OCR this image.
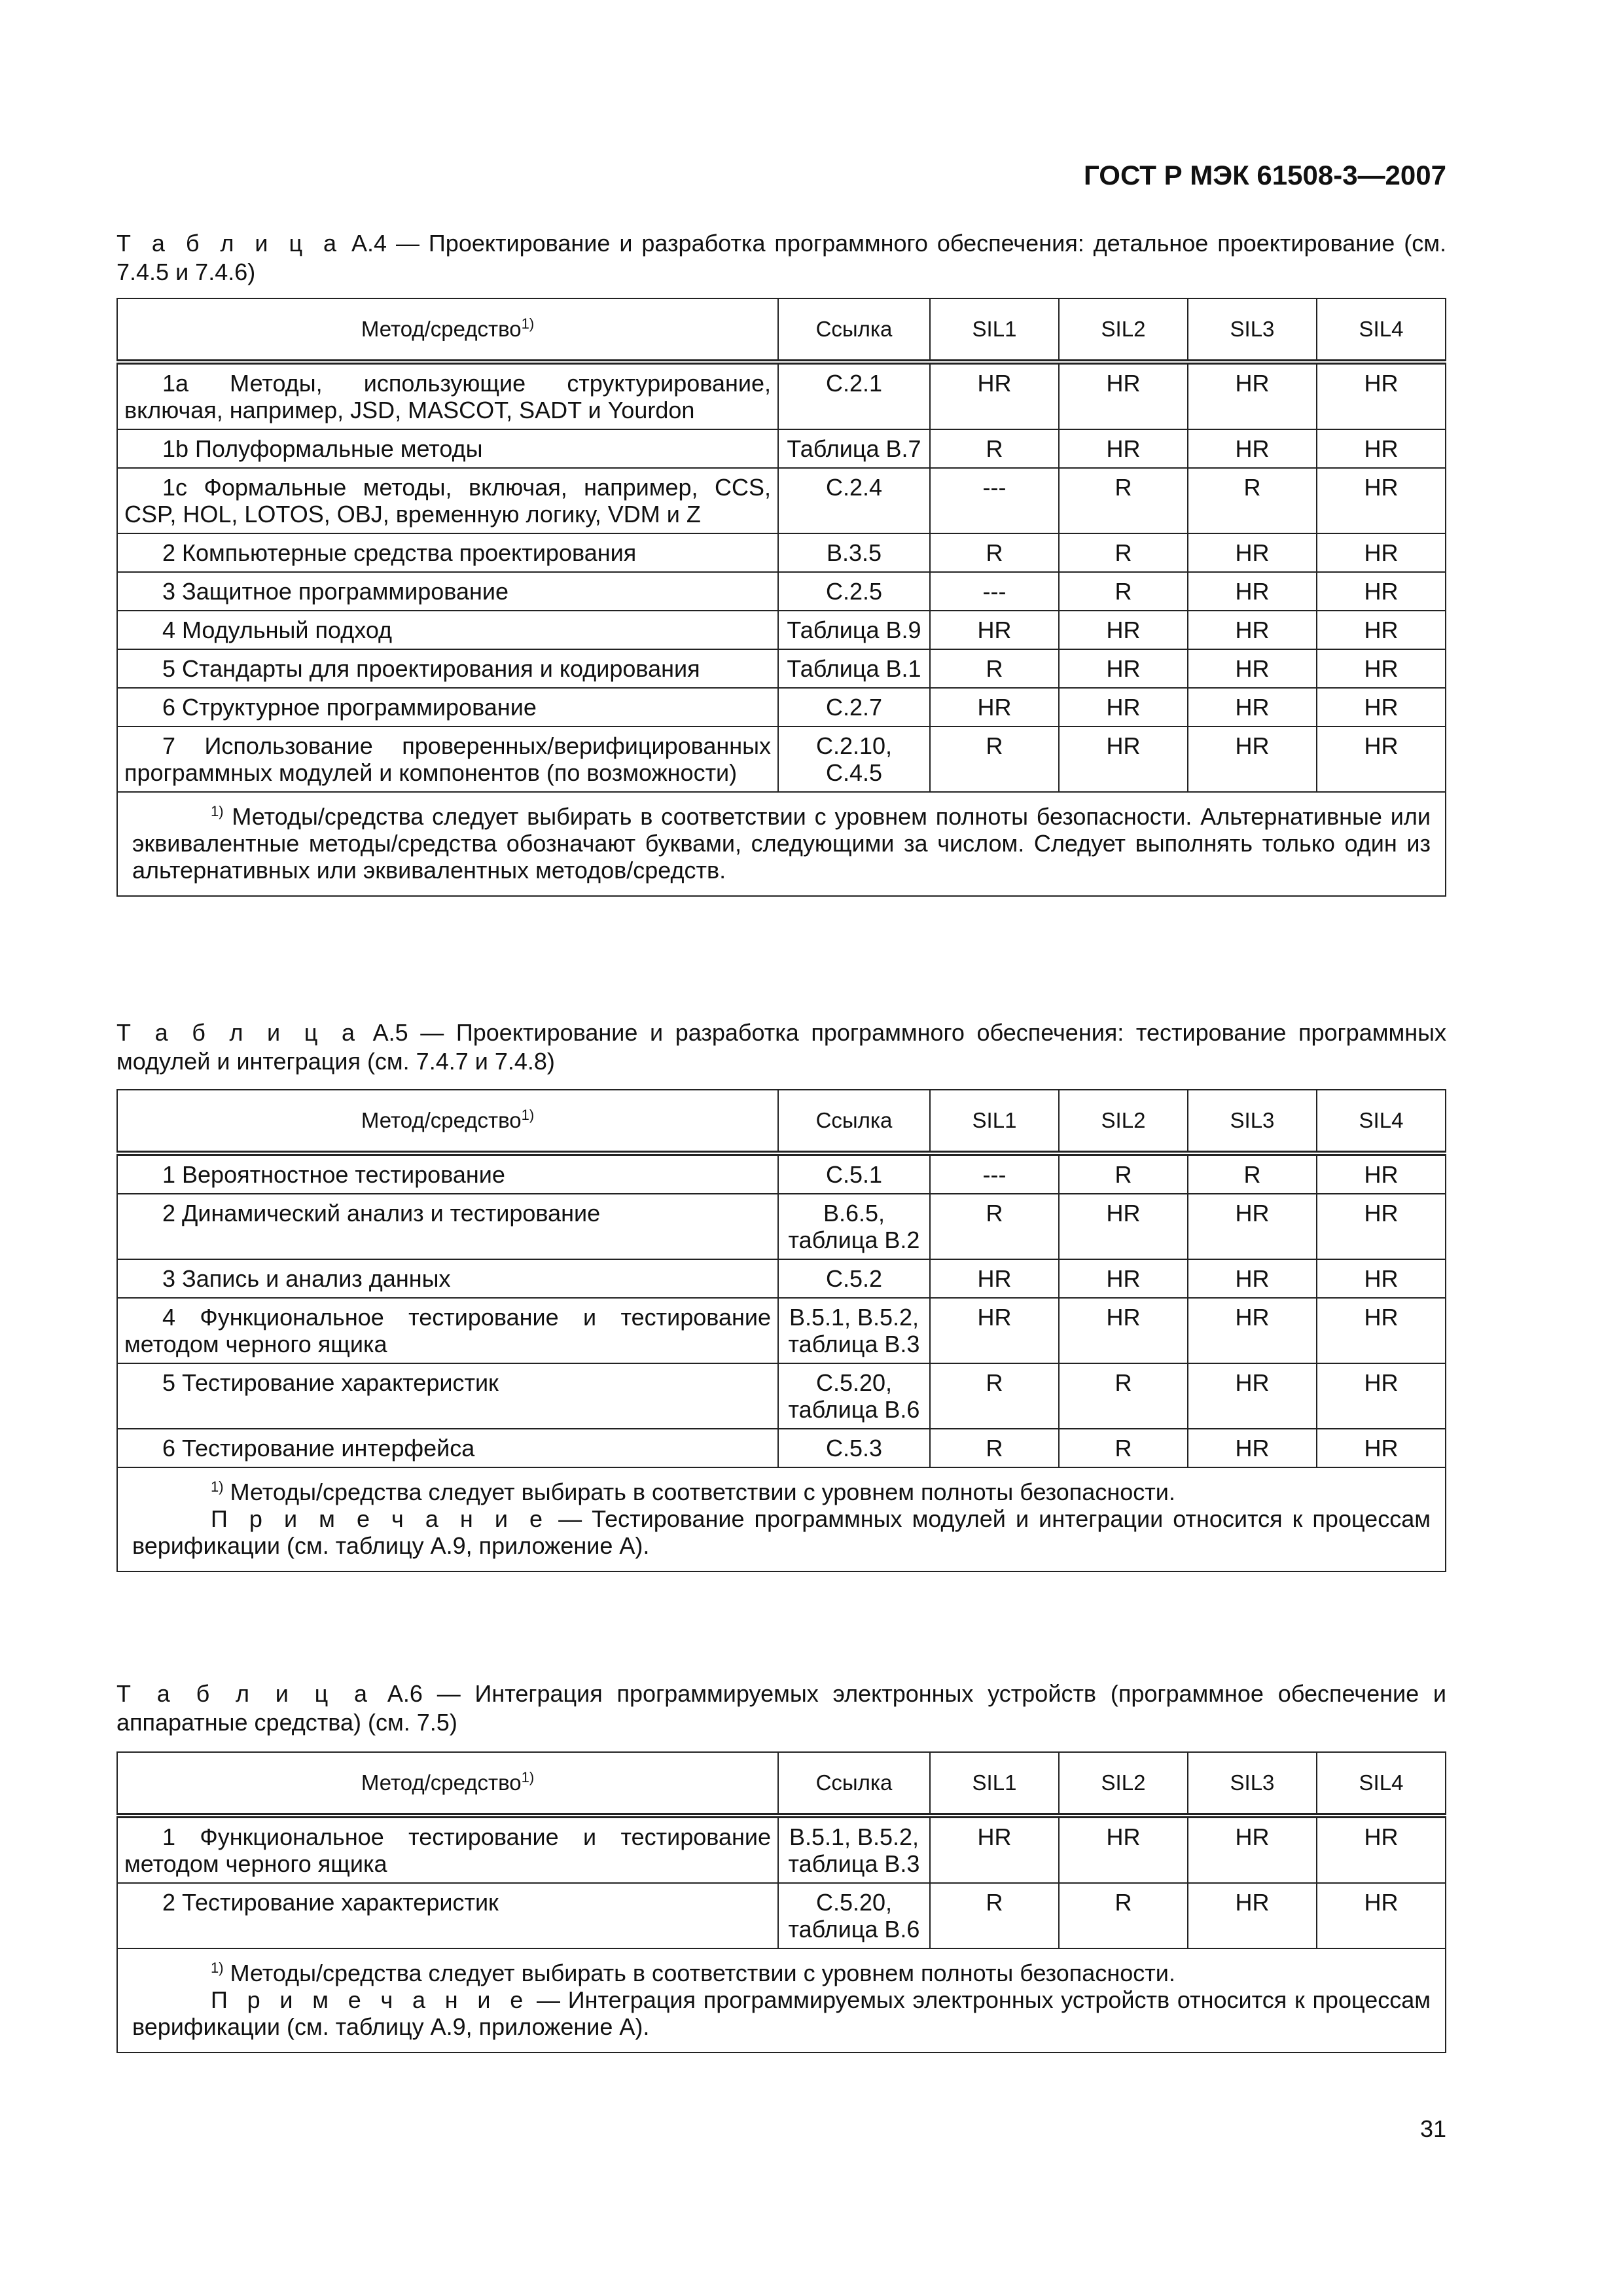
ГОСТ Р МЭК 61508-3—2007
Т а б л и ц а А.4 — Проектирование и разработка программного обеспечения: детальное проектирование (см. 7.4.5 и 7.4.6)
Метод/средство$^{1)}$	Ссылка	SIL1	SIL2	SIL3	SIL4
1a Методы, использующие структурирование, включая, например, JSD, MASCOT, SADT и Yourdon	С.2.1	HR	HR	HR	HR
1b Полуформальные методы	Таблица В.7	R	HR	HR	HR
1c Формальные методы, включая, например, CCS, CSP, HOL, LOTOS, OBJ, временную логику, VDM и Z	С.2.4	---	R	R	HR
2 Компьютерные средства проектирования	В.3.5	R	R	HR	HR
3 Защитное программирование	С.2.5	---	R	HR	HR
4 Модульный подход	Таблица В.9	HR	HR	HR	HR
5 Стандарты для проектирования и кодирования	Таблица В.1	R	HR	HR	HR
6 Структурное программирование	С.2.7	HR	HR	HR	HR
7 Использование проверенных/верифицированных программных модулей и компонентов (по возможности)	С.2.10, С.4.5	R	HR	HR	HR

$^{1)}$ Методы/средства следует выбирать в соответствии с уровнем полноты безопасности. Альтернативные или эквивалентные методы/средства обозначают буквами, следующими за числом. Следует выполнять только один из альтернативных или эквивалентных методов/средств.					

Т а б л и ц а А.5 — Проектирование и разработка программного обеспечения: тестирование программных модулей и интеграция (см. 7.4.7 и 7.4.8)
Метод/средство$^{1)}$	Ссылка	SIL1	SIL2	SIL3	SIL4
1 Вероятностное тестирование	С.5.1	---	R	R	HR
2 Динамический анализ и тестирование	В.6.5, таблица В.2	R	HR	HR	HR
3 Запись и анализ данных	С.5.2	HR	HR	HR	HR
4 Функциональное тестирование и тестирование методом черного ящика	В.5.1, В.5.2, таблица В.3	HR	HR	HR	HR
5 Тестирование характеристик	С.5.20, таблица В.6	R	R	HR	HR
6 Тестирование интерфейса	С.5.3	R	R	HR	HR

$^{1)}$ Методы/средства следует выбирать в соответствии с уровнем полноты безопасности.

П р и м е ч а н и е — Тестирование программных модулей и интеграции относится к процессам верификации (см. таблицу А.9, приложение А).					

Т а б л и ц а А.6 — Интеграция программируемых электронных устройств (программное обеспечение и аппаратные средства) (см. 7.5)
Метод/средство$^{1)}$	Ссылка	SIL1	SIL2	SIL3	SIL4
1 Функциональное тестирование и тестирование методом черного ящика	В.5.1, В.5.2, таблица В.3	HR	HR	HR	HR
2 Тестирование характеристик	С.5.20, таблица В.6	R	R	HR	HR

$^{1)}$ Методы/средства следует выбирать в соответствии с уровнем полноты безопасности.

П р и м е ч а н и е — Интеграция программируемых электронных устройств относится к процессам верификации (см. таблицу А.9, приложение А).					

31
